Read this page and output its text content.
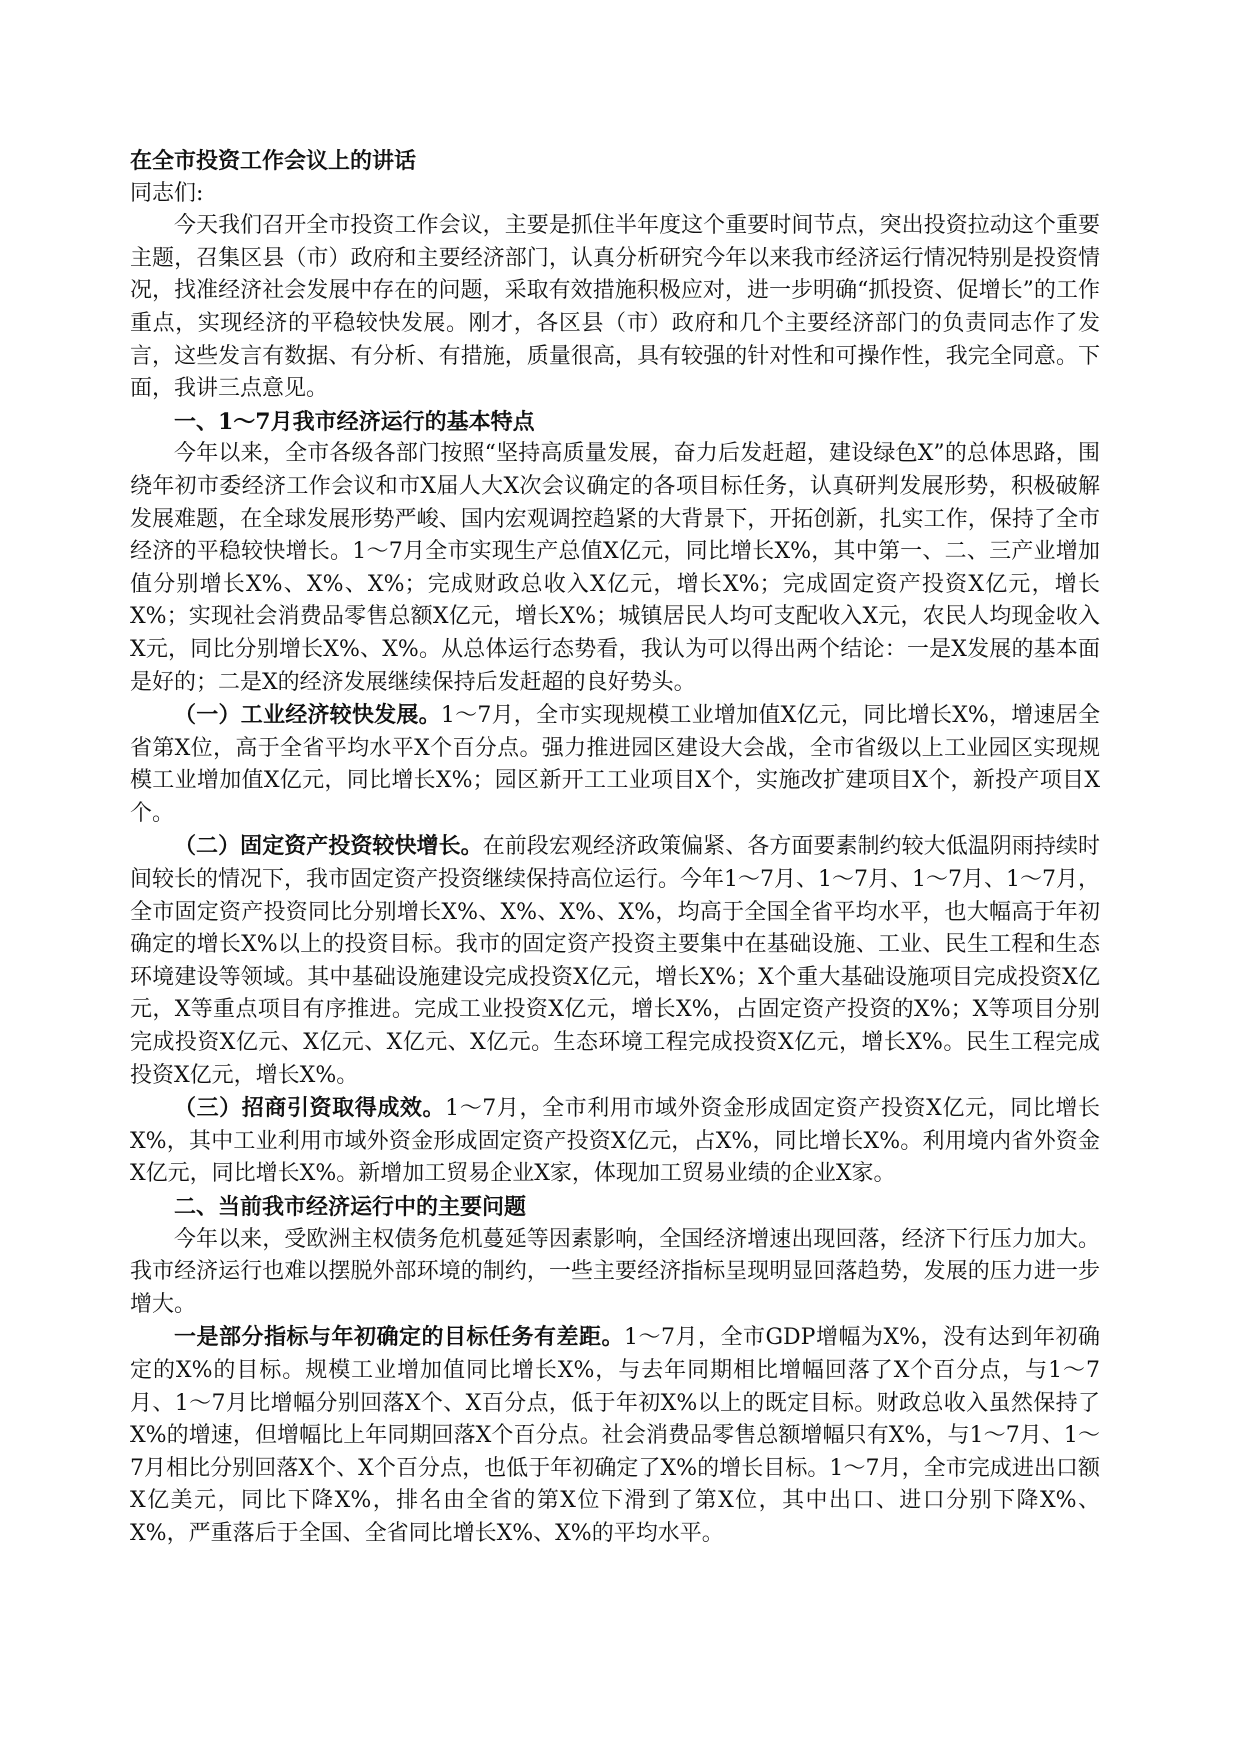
在全市投资工作会议上的讲话
同志们:

今天我们召开全市投资工作会议，主要是抓住半年度这个重要时间节点，突出投资拉动这个重要主题，召集区县（市）政府和主要经济部门，认真分析研究今年以来我市经济运行情况特别是投资情况，找准经济社会发展中存在的问题，采取有效措施积极应对，进一步明确“抓投资、促增长”的工作重点，实现经济的平稳较快发展。刚才，各区县（市）政府和几个主要经济部门的负责同志作了发言，这些发言有数据、有分析、有措施，质量很高，具有较强的针对性和可操作性，我完全同意。下面，我讲三点意见。

一、1～7月我市经济运行的基本特点

今年以来，全市各级各部门按照“坚持高质量发展，奋力后发赶超，建设绿色X”的总体思路，围绕年初市委经济工作会议和市X届人大X次会议确定的各项目标任务，认真研判发展形势，积极破解发展难题，在全球发展形势严峻、国内宏观调控趋紧的大背景下，开拓创新，扎实工作，保持了全市经济的平稳较快增长。1～7月全市实现生产总值X亿元，同比增长X%，其中第一、二、三产业增加值分别增长X%、X%、X%；完成财政总收入X亿元，增长X%；完成固定资产投资X亿元，增长X%；实现社会消费品零售总额X亿元，增长X%；城镇居民人均可支配收入X元，农民人均现金收入X元，同比分别增长X%、X%。从总体运行态势看，我认为可以得出两个结论：一是X发展的基本面是好的；二是X的经济发展继续保持后发赶超的良好势头。

（一）工业经济较快发展。1～7月，全市实现规模工业增加值X亿元，同比增长X%，增速居全省第X位，高于全省平均水平X个百分点。强力推进园区建设大会战，全市省级以上工业园区实现规模工业增加值X亿元，同比增长X%；园区新开工工业项目X个，实施改扩建项目X个，新投产项目X个。

（二）固定资产投资较快增长。在前段宏观经济政策偏紧、各方面要素制约较大低温阴雨持续时间较长的情况下，我市固定资产投资继续保持高位运行。今年1～7月、1～7月、1～7月、1～7月，全市固定资产投资同比分别增长X%、X%、X%、X%，均高于全国全省平均水平，也大幅高于年初确定的增长X%以上的投资目标。我市的固定资产投资主要集中在基础设施、工业、民生工程和生态环境建设等领域。其中基础设施建设完成投资X亿元，增长X%；X个重大基础设施项目完成投资X亿元，X等重点项目有序推进。完成工业投资X亿元，增长X%，占固定资产投资的X%；X等项目分别完成投资X亿元、X亿元、X亿元、X亿元。生态环境工程完成投资X亿元，增长X%。民生工程完成投资X亿元，增长X%。

（三）招商引资取得成效。1～7月，全市利用市域外资金形成固定资产投资X亿元，同比增长X%，其中工业利用市域外资金形成固定资产投资X亿元，占X%，同比增长X%。利用境内省外资金X亿元，同比增长X%。新增加工贸易企业X家，体现加工贸易业绩的企业X家。

二、当前我市经济运行中的主要问题

今年以来，受欧洲主权债务危机蔓延等因素影响，全国经济增速出现回落，经济下行压力加大。我市经济运行也难以摆脱外部环境的制约，一些主要经济指标呈现明显回落趋势，发展的压力进一步增大。

一是部分指标与年初确定的目标任务有差距。1～7月，全市GDP增幅为X%，没有达到年初确定的X%的目标。规模工业增加值同比增长X%，与去年同期相比增幅回落了X个百分点，与1～7月、1～7月比增幅分别回落X个、X百分点，低于年初X%以上的既定目标。财政总收入虽然保持了X%的增速，但增幅比上年同期回落X个百分点。社会消费品零售总额增幅只有X%，与1～7月、1～7月相比分别回落X个、X个百分点，也低于年初确定了X%的增长目标。1～7月，全市完成进出口额X亿美元，同比下降X%，排名由全省的第X位下滑到了第X位，其中出口、进口分别下降X%、X%，严重落后于全国、全省同比增长X%、X%的平均水平。
